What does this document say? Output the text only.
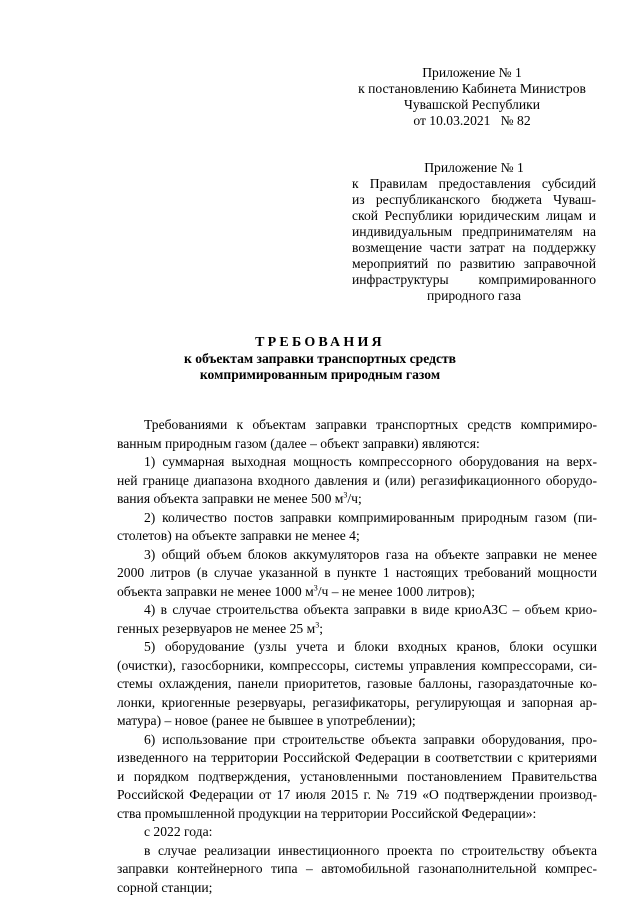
Приложение № 1
к постановлению Кабинета Министров
Чувашской Республики
от 10.03.2021   № 82
Приложение № 1
к Правилам предоставления субсидий
из республиканского бюджета Чуваш-
ской Республики юридическим лицам и
индивидуальным предпринимателям на
возмещение части затрат на поддержку
мероприятий по развитию заправочной
инфраструктуры компримированного
природного газа
ТРЕБОВАНИЯ
к объектам заправки транспортных средств
компримированным природным газом
Требованиями к объектам заправки транспортных средств компримиро-
ванным природным газом (далее – объект заправки) являются:
1) суммарная выходная мощность компрессорного оборудования на верх-
ней границе диапазона входного давления и (или) регазификационного оборудо-
вания объекта заправки не менее 500 $м^3/ч$;
2) количество постов заправки компримированным природным газом (пи-
столетов) на объекте заправки не менее 4;
3) общий объем блоков аккумуляторов газа на объекте заправки не менее
2000 литров (в случае указанной в пункте 1 настоящих требований мощности
объекта заправки не менее 1000 $м^3/ч$ – не менее 1000 литров);
4) в случае строительства объекта заправки в виде криоАЗС – объем крио-
генных резервуаров не менее 25 $м^3$;
5) оборудование (узлы учета и блоки входных кранов, блоки осушки
(очистки), газосборники, компрессоры, системы управления компрессорами, си-
стемы охлаждения, панели приоритетов, газовые баллоны, газораздаточные ко-
лонки, криогенные резервуары, регазификаторы, регулирующая и запорная ар-
матура) – новое (ранее не бывшее в употреблении);
6) использование при строительстве объекта заправки оборудования, про-
изведенного на территории Российской Федерации в соответствии с критериями
и порядком подтверждения, установленными постановлением Правительства
Российской Федерации от 17 июля 2015 г. № 719 «О подтверждении производ-
ства промышленной продукции на территории Российской Федерации»:
с 2022 года:
в случае реализации инвестиционного проекта по строительству объекта
заправки контейнерного типа – автомобильной газонаполнительной компрес-
сорной станции;
